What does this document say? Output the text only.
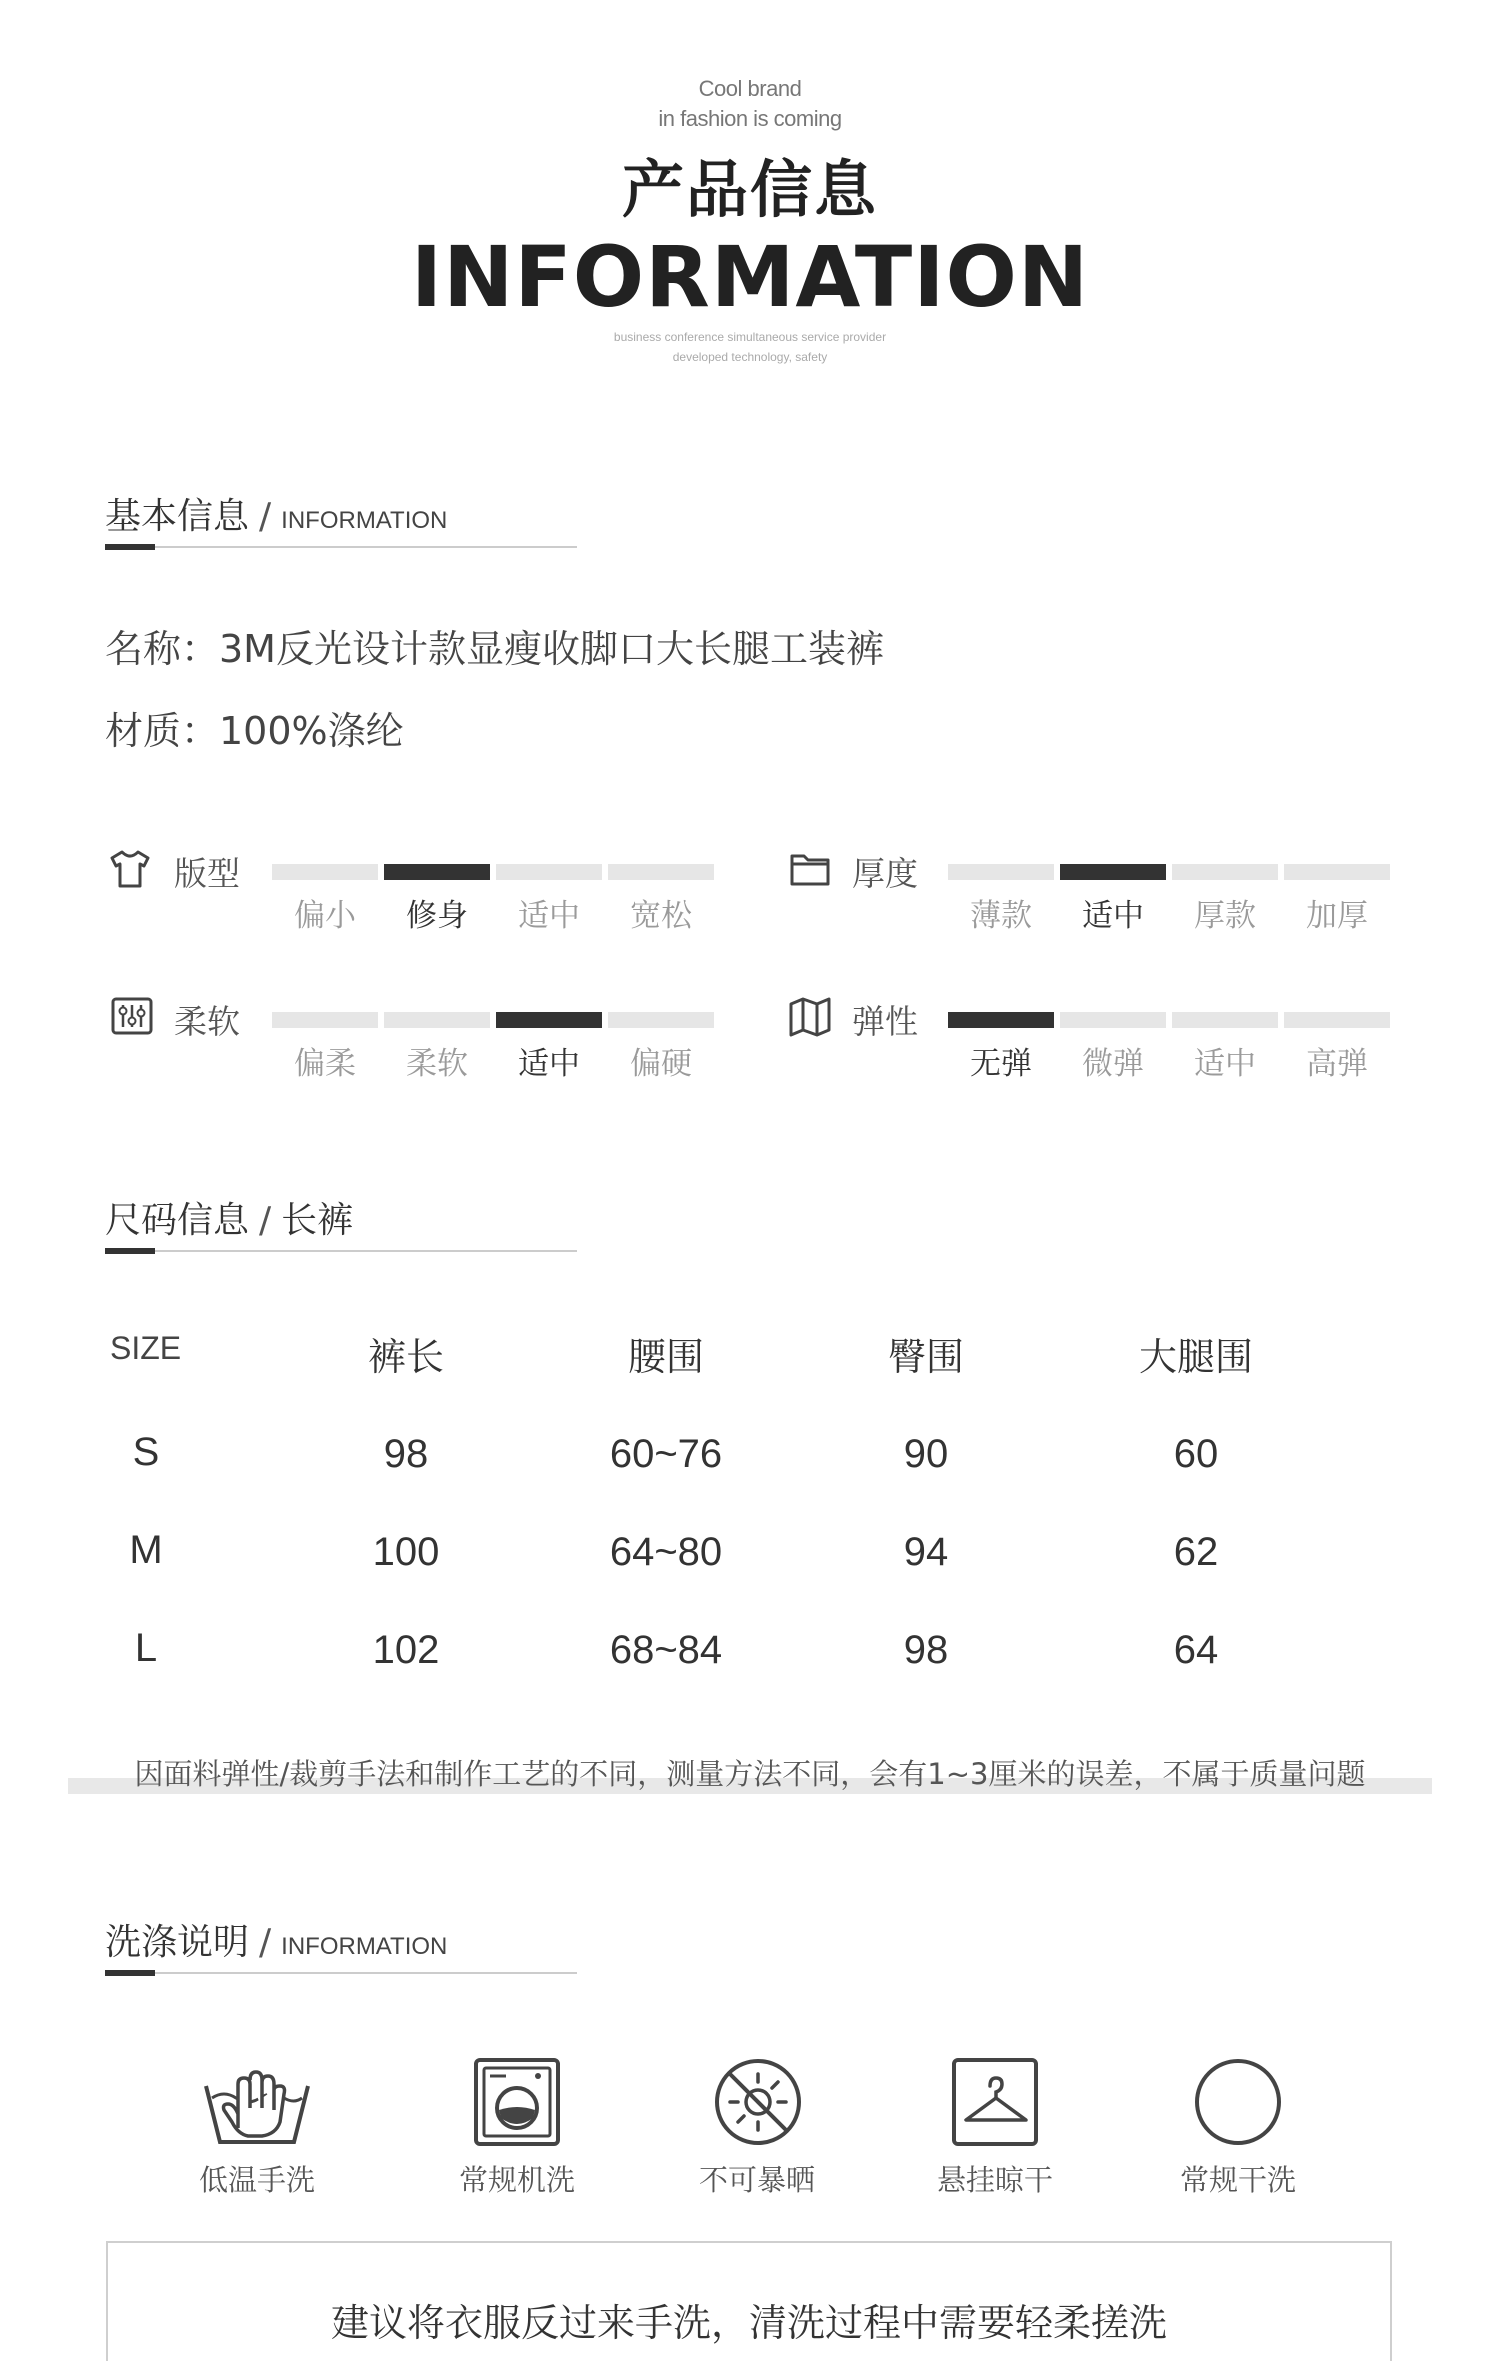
Cool brand
in fashion is coming
产品信息
INFORMATION
business conference simultaneous service provider
developed technology, safety
基本信息 / INFORMATION
名称：3M反光设计款显瘦收脚口大长腿工装裤
材质：100%涤纶
版型
偏小	修身	适中	宽松
厚度
薄款	适中	厚款	加厚
柔软
偏柔	柔软	适中	偏硬
弹性
无弹	微弹	适中	高弹
尺码信息 / 长裤
SIZE	裤长	腰围	臀围	大腿围
S	98	60~76	90	60
M	100	64~80	94	62
L	102	68~84	98	64
因面料弹性/裁剪手法和制作工艺的不同，测量方法不同，会有1~3厘米的误差，不属于质量问题
洗涤说明 / INFORMATION
低温手洗	常规机洗	不可暴晒	悬挂晾干	常规干洗
建议将衣服反过来手洗，清洗过程中需要轻柔搓洗
